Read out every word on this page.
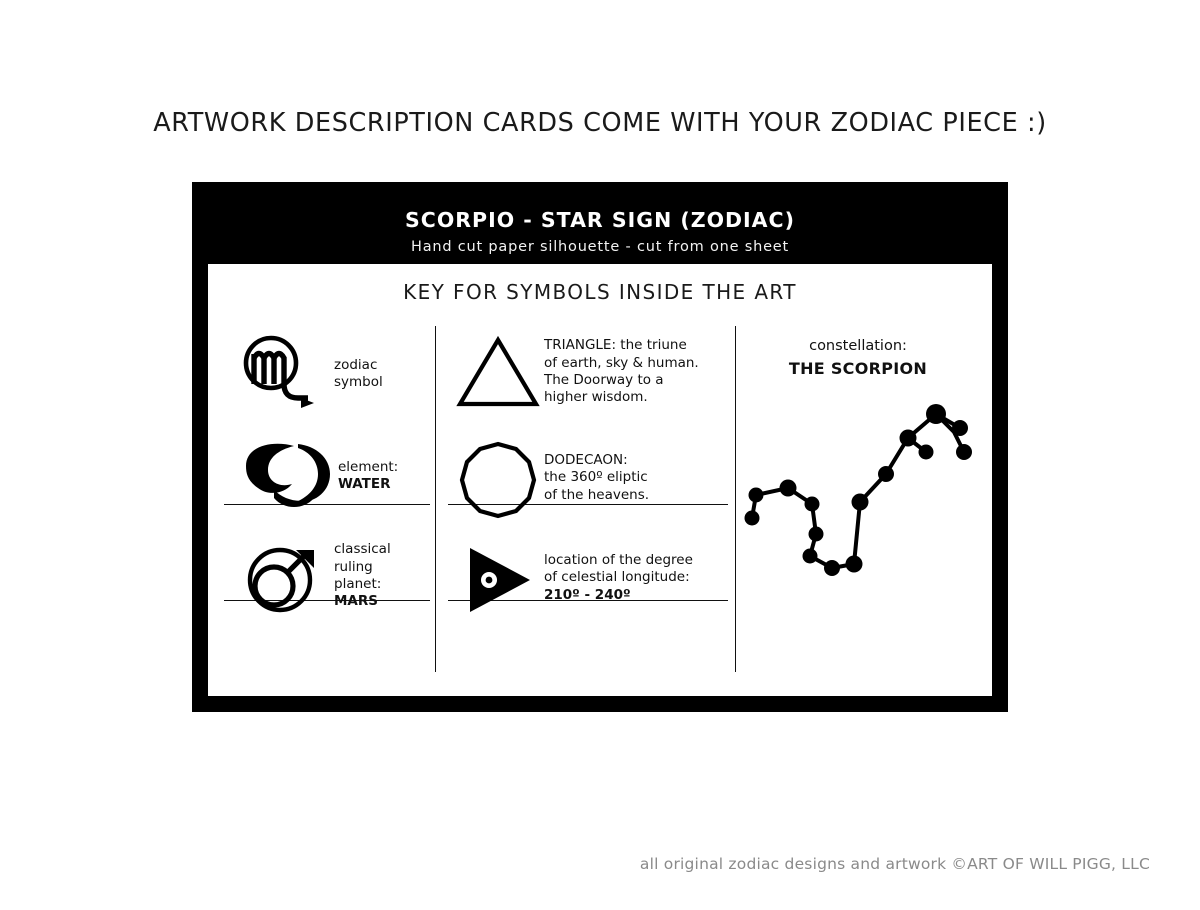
ARTWORK DESCRIPTION CARDS COME WITH YOUR ZODIAC PIECE :)
SCORPIO - STAR SIGN (ZODIAC)
Hand cut paper silhouette - cut from one sheet
KEY FOR SYMBOLS INSIDE THE ART
zodiac
symbol
element:
WATER
classical
ruling
planet:
MARS
TRIANGLE: the triune
of earth, sky & human.
The Doorway to a
higher wisdom.
DODECAON:
the 360º eliptic
of the heavens.
location of the degree
of celestial longitude:
210º - 240º
constellation:
THE SCORPION
all original zodiac designs and artwork ©ART OF WILL PIGG, LLC
